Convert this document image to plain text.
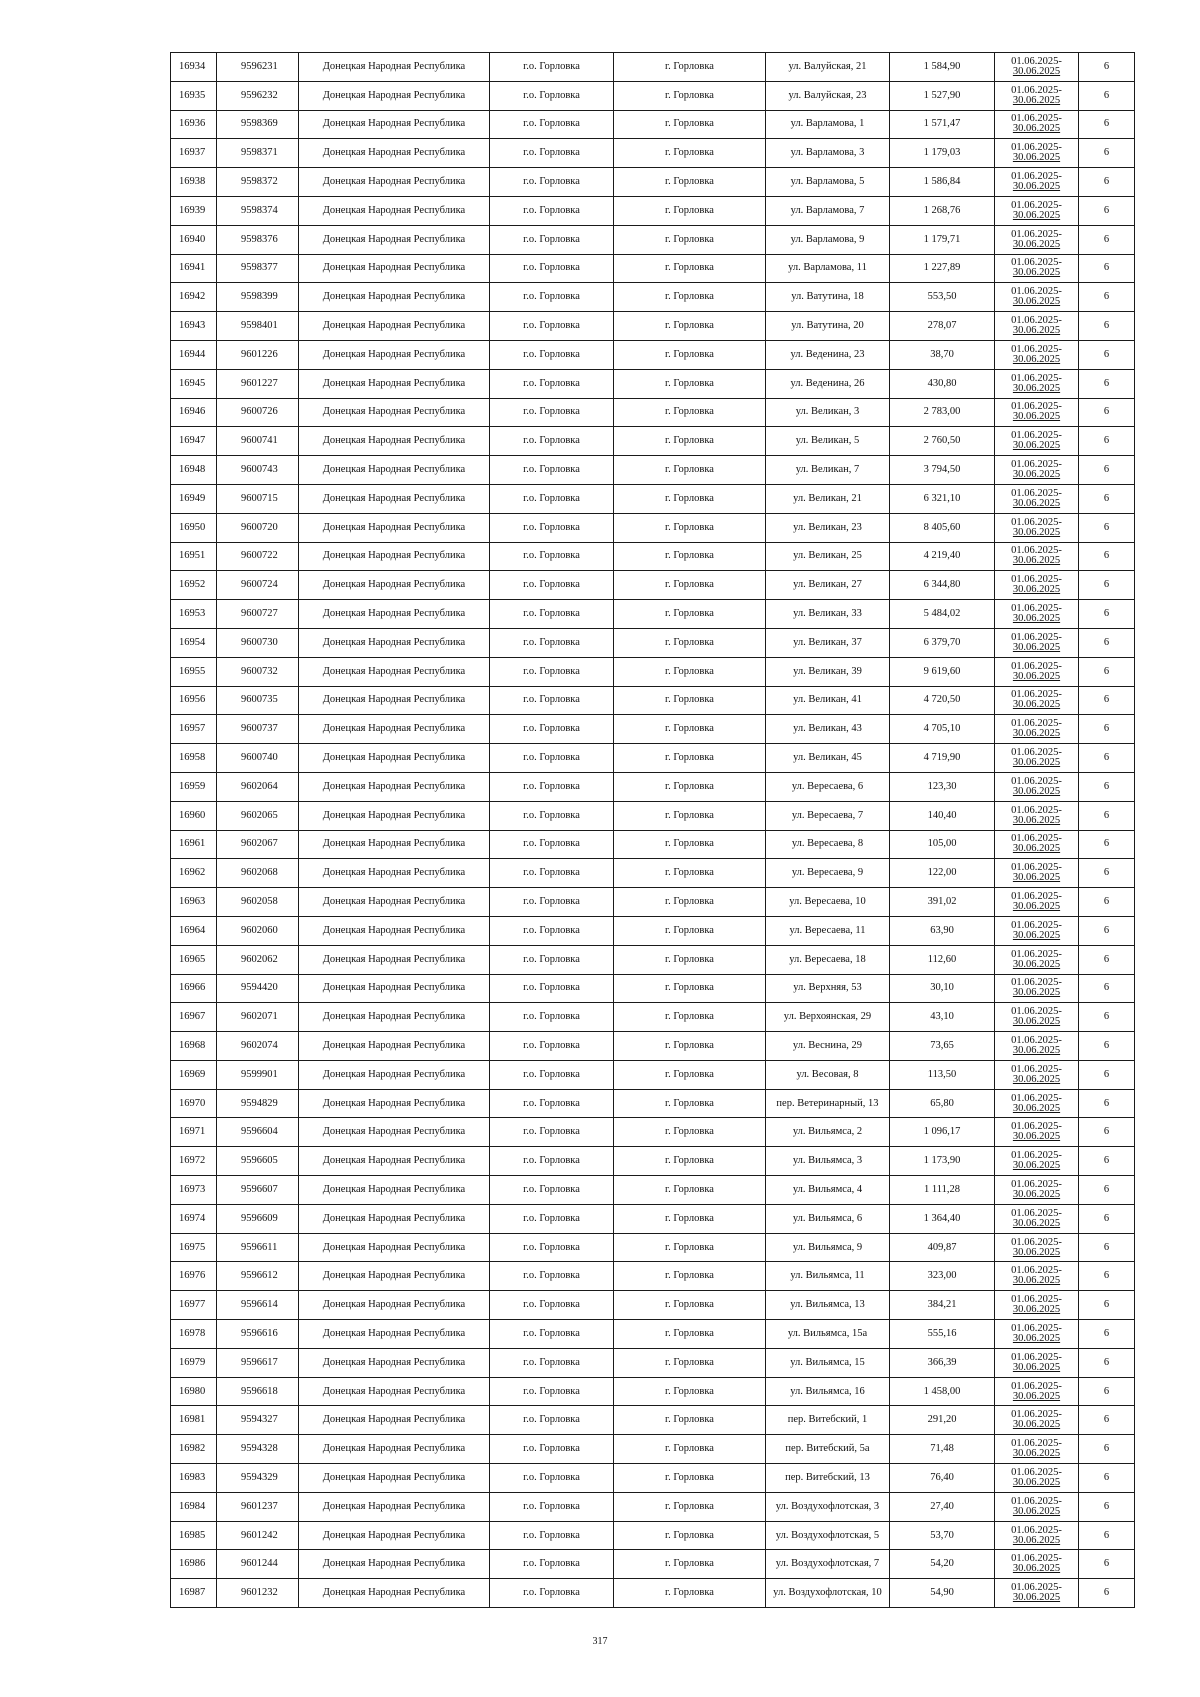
16934	9596231	Донецкая Народная Республика	г.о. Горловка	г. Горловка	ул. Валуйская, 21	1 584,90	01.06.2025-
30.06.2025	6
16935	9596232	Донецкая Народная Республика	г.о. Горловка	г. Горловка	ул. Валуйская, 23	1 527,90	01.06.2025-
30.06.2025	6
16936	9598369	Донецкая Народная Республика	г.о. Горловка	г. Горловка	ул. Варламова, 1	1 571,47	01.06.2025-
30.06.2025	6
16937	9598371	Донецкая Народная Республика	г.о. Горловка	г. Горловка	ул. Варламова, 3	1 179,03	01.06.2025-
30.06.2025	6
16938	9598372	Донецкая Народная Республика	г.о. Горловка	г. Горловка	ул. Варламова, 5	1 586,84	01.06.2025-
30.06.2025	6
16939	9598374	Донецкая Народная Республика	г.о. Горловка	г. Горловка	ул. Варламова, 7	1 268,76	01.06.2025-
30.06.2025	6
16940	9598376	Донецкая Народная Республика	г.о. Горловка	г. Горловка	ул. Варламова, 9	1 179,71	01.06.2025-
30.06.2025	6
16941	9598377	Донецкая Народная Республика	г.о. Горловка	г. Горловка	ул. Варламова, 11	1 227,89	01.06.2025-
30.06.2025	6
16942	9598399	Донецкая Народная Республика	г.о. Горловка	г. Горловка	ул. Ватутина, 18	553,50	01.06.2025-
30.06.2025	6
16943	9598401	Донецкая Народная Республика	г.о. Горловка	г. Горловка	ул. Ватутина, 20	278,07	01.06.2025-
30.06.2025	6
16944	9601226	Донецкая Народная Республика	г.о. Горловка	г. Горловка	ул. Веденина, 23	38,70	01.06.2025-
30.06.2025	6
16945	9601227	Донецкая Народная Республика	г.о. Горловка	г. Горловка	ул. Веденина, 26	430,80	01.06.2025-
30.06.2025	6
16946	9600726	Донецкая Народная Республика	г.о. Горловка	г. Горловка	ул. Великан, 3	2 783,00	01.06.2025-
30.06.2025	6
16947	9600741	Донецкая Народная Республика	г.о. Горловка	г. Горловка	ул. Великан, 5	2 760,50	01.06.2025-
30.06.2025	6
16948	9600743	Донецкая Народная Республика	г.о. Горловка	г. Горловка	ул. Великан, 7	3 794,50	01.06.2025-
30.06.2025	6
16949	9600715	Донецкая Народная Республика	г.о. Горловка	г. Горловка	ул. Великан, 21	6 321,10	01.06.2025-
30.06.2025	6
16950	9600720	Донецкая Народная Республика	г.о. Горловка	г. Горловка	ул. Великан, 23	8 405,60	01.06.2025-
30.06.2025	6
16951	9600722	Донецкая Народная Республика	г.о. Горловка	г. Горловка	ул. Великан, 25	4 219,40	01.06.2025-
30.06.2025	6
16952	9600724	Донецкая Народная Республика	г.о. Горловка	г. Горловка	ул. Великан, 27	6 344,80	01.06.2025-
30.06.2025	6
16953	9600727	Донецкая Народная Республика	г.о. Горловка	г. Горловка	ул. Великан, 33	5 484,02	01.06.2025-
30.06.2025	6
16954	9600730	Донецкая Народная Республика	г.о. Горловка	г. Горловка	ул. Великан, 37	6 379,70	01.06.2025-
30.06.2025	6
16955	9600732	Донецкая Народная Республика	г.о. Горловка	г. Горловка	ул. Великан, 39	9 619,60	01.06.2025-
30.06.2025	6
16956	9600735	Донецкая Народная Республика	г.о. Горловка	г. Горловка	ул. Великан, 41	4 720,50	01.06.2025-
30.06.2025	6
16957	9600737	Донецкая Народная Республика	г.о. Горловка	г. Горловка	ул. Великан, 43	4 705,10	01.06.2025-
30.06.2025	6
16958	9600740	Донецкая Народная Республика	г.о. Горловка	г. Горловка	ул. Великан, 45	4 719,90	01.06.2025-
30.06.2025	6
16959	9602064	Донецкая Народная Республика	г.о. Горловка	г. Горловка	ул. Вересаева, 6	123,30	01.06.2025-
30.06.2025	6
16960	9602065	Донецкая Народная Республика	г.о. Горловка	г. Горловка	ул. Вересаева, 7	140,40	01.06.2025-
30.06.2025	6
16961	9602067	Донецкая Народная Республика	г.о. Горловка	г. Горловка	ул. Вересаева, 8	105,00	01.06.2025-
30.06.2025	6
16962	9602068	Донецкая Народная Республика	г.о. Горловка	г. Горловка	ул. Вересаева, 9	122,00	01.06.2025-
30.06.2025	6
16963	9602058	Донецкая Народная Республика	г.о. Горловка	г. Горловка	ул. Вересаева, 10	391,02	01.06.2025-
30.06.2025	6
16964	9602060	Донецкая Народная Республика	г.о. Горловка	г. Горловка	ул. Вересаева, 11	63,90	01.06.2025-
30.06.2025	6
16965	9602062	Донецкая Народная Республика	г.о. Горловка	г. Горловка	ул. Вересаева, 18	112,60	01.06.2025-
30.06.2025	6
16966	9594420	Донецкая Народная Республика	г.о. Горловка	г. Горловка	ул. Верхняя, 53	30,10	01.06.2025-
30.06.2025	6
16967	9602071	Донецкая Народная Республика	г.о. Горловка	г. Горловка	ул. Верхоянская, 29	43,10	01.06.2025-
30.06.2025	6
16968	9602074	Донецкая Народная Республика	г.о. Горловка	г. Горловка	ул. Веснина, 29	73,65	01.06.2025-
30.06.2025	6
16969	9599901	Донецкая Народная Республика	г.о. Горловка	г. Горловка	ул. Весовая, 8	113,50	01.06.2025-
30.06.2025	6
16970	9594829	Донецкая Народная Республика	г.о. Горловка	г. Горловка	пер. Ветеринарный, 13	65,80	01.06.2025-
30.06.2025	6
16971	9596604	Донецкая Народная Республика	г.о. Горловка	г. Горловка	ул. Вильямса, 2	1 096,17	01.06.2025-
30.06.2025	6
16972	9596605	Донецкая Народная Республика	г.о. Горловка	г. Горловка	ул. Вильямса, 3	1 173,90	01.06.2025-
30.06.2025	6
16973	9596607	Донецкая Народная Республика	г.о. Горловка	г. Горловка	ул. Вильямса, 4	1 111,28	01.06.2025-
30.06.2025	6
16974	9596609	Донецкая Народная Республика	г.о. Горловка	г. Горловка	ул. Вильямса, 6	1 364,40	01.06.2025-
30.06.2025	6
16975	9596611	Донецкая Народная Республика	г.о. Горловка	г. Горловка	ул. Вильямса, 9	409,87	01.06.2025-
30.06.2025	6
16976	9596612	Донецкая Народная Республика	г.о. Горловка	г. Горловка	ул. Вильямса, 11	323,00	01.06.2025-
30.06.2025	6
16977	9596614	Донецкая Народная Республика	г.о. Горловка	г. Горловка	ул. Вильямса, 13	384,21	01.06.2025-
30.06.2025	6
16978	9596616	Донецкая Народная Республика	г.о. Горловка	г. Горловка	ул. Вильямса, 15а	555,16	01.06.2025-
30.06.2025	6
16979	9596617	Донецкая Народная Республика	г.о. Горловка	г. Горловка	ул. Вильямса, 15	366,39	01.06.2025-
30.06.2025	6
16980	9596618	Донецкая Народная Республика	г.о. Горловка	г. Горловка	ул. Вильямса, 16	1 458,00	01.06.2025-
30.06.2025	6
16981	9594327	Донецкая Народная Республика	г.о. Горловка	г. Горловка	пер. Витебский, 1	291,20	01.06.2025-
30.06.2025	6
16982	9594328	Донецкая Народная Республика	г.о. Горловка	г. Горловка	пер. Витебский, 5а	71,48	01.06.2025-
30.06.2025	6
16983	9594329	Донецкая Народная Республика	г.о. Горловка	г. Горловка	пер. Витебский, 13	76,40	01.06.2025-
30.06.2025	6
16984	9601237	Донецкая Народная Республика	г.о. Горловка	г. Горловка	ул. Воздухофлотская, 3	27,40	01.06.2025-
30.06.2025	6
16985	9601242	Донецкая Народная Республика	г.о. Горловка	г. Горловка	ул. Воздухофлотская, 5	53,70	01.06.2025-
30.06.2025	6
16986	9601244	Донецкая Народная Республика	г.о. Горловка	г. Горловка	ул. Воздухофлотская, 7	54,20	01.06.2025-
30.06.2025	6
16987	9601232	Донецкая Народная Республика	г.о. Горловка	г. Горловка	ул. Воздухофлотская, 10	54,90	01.06.2025-
30.06.2025	6
317
